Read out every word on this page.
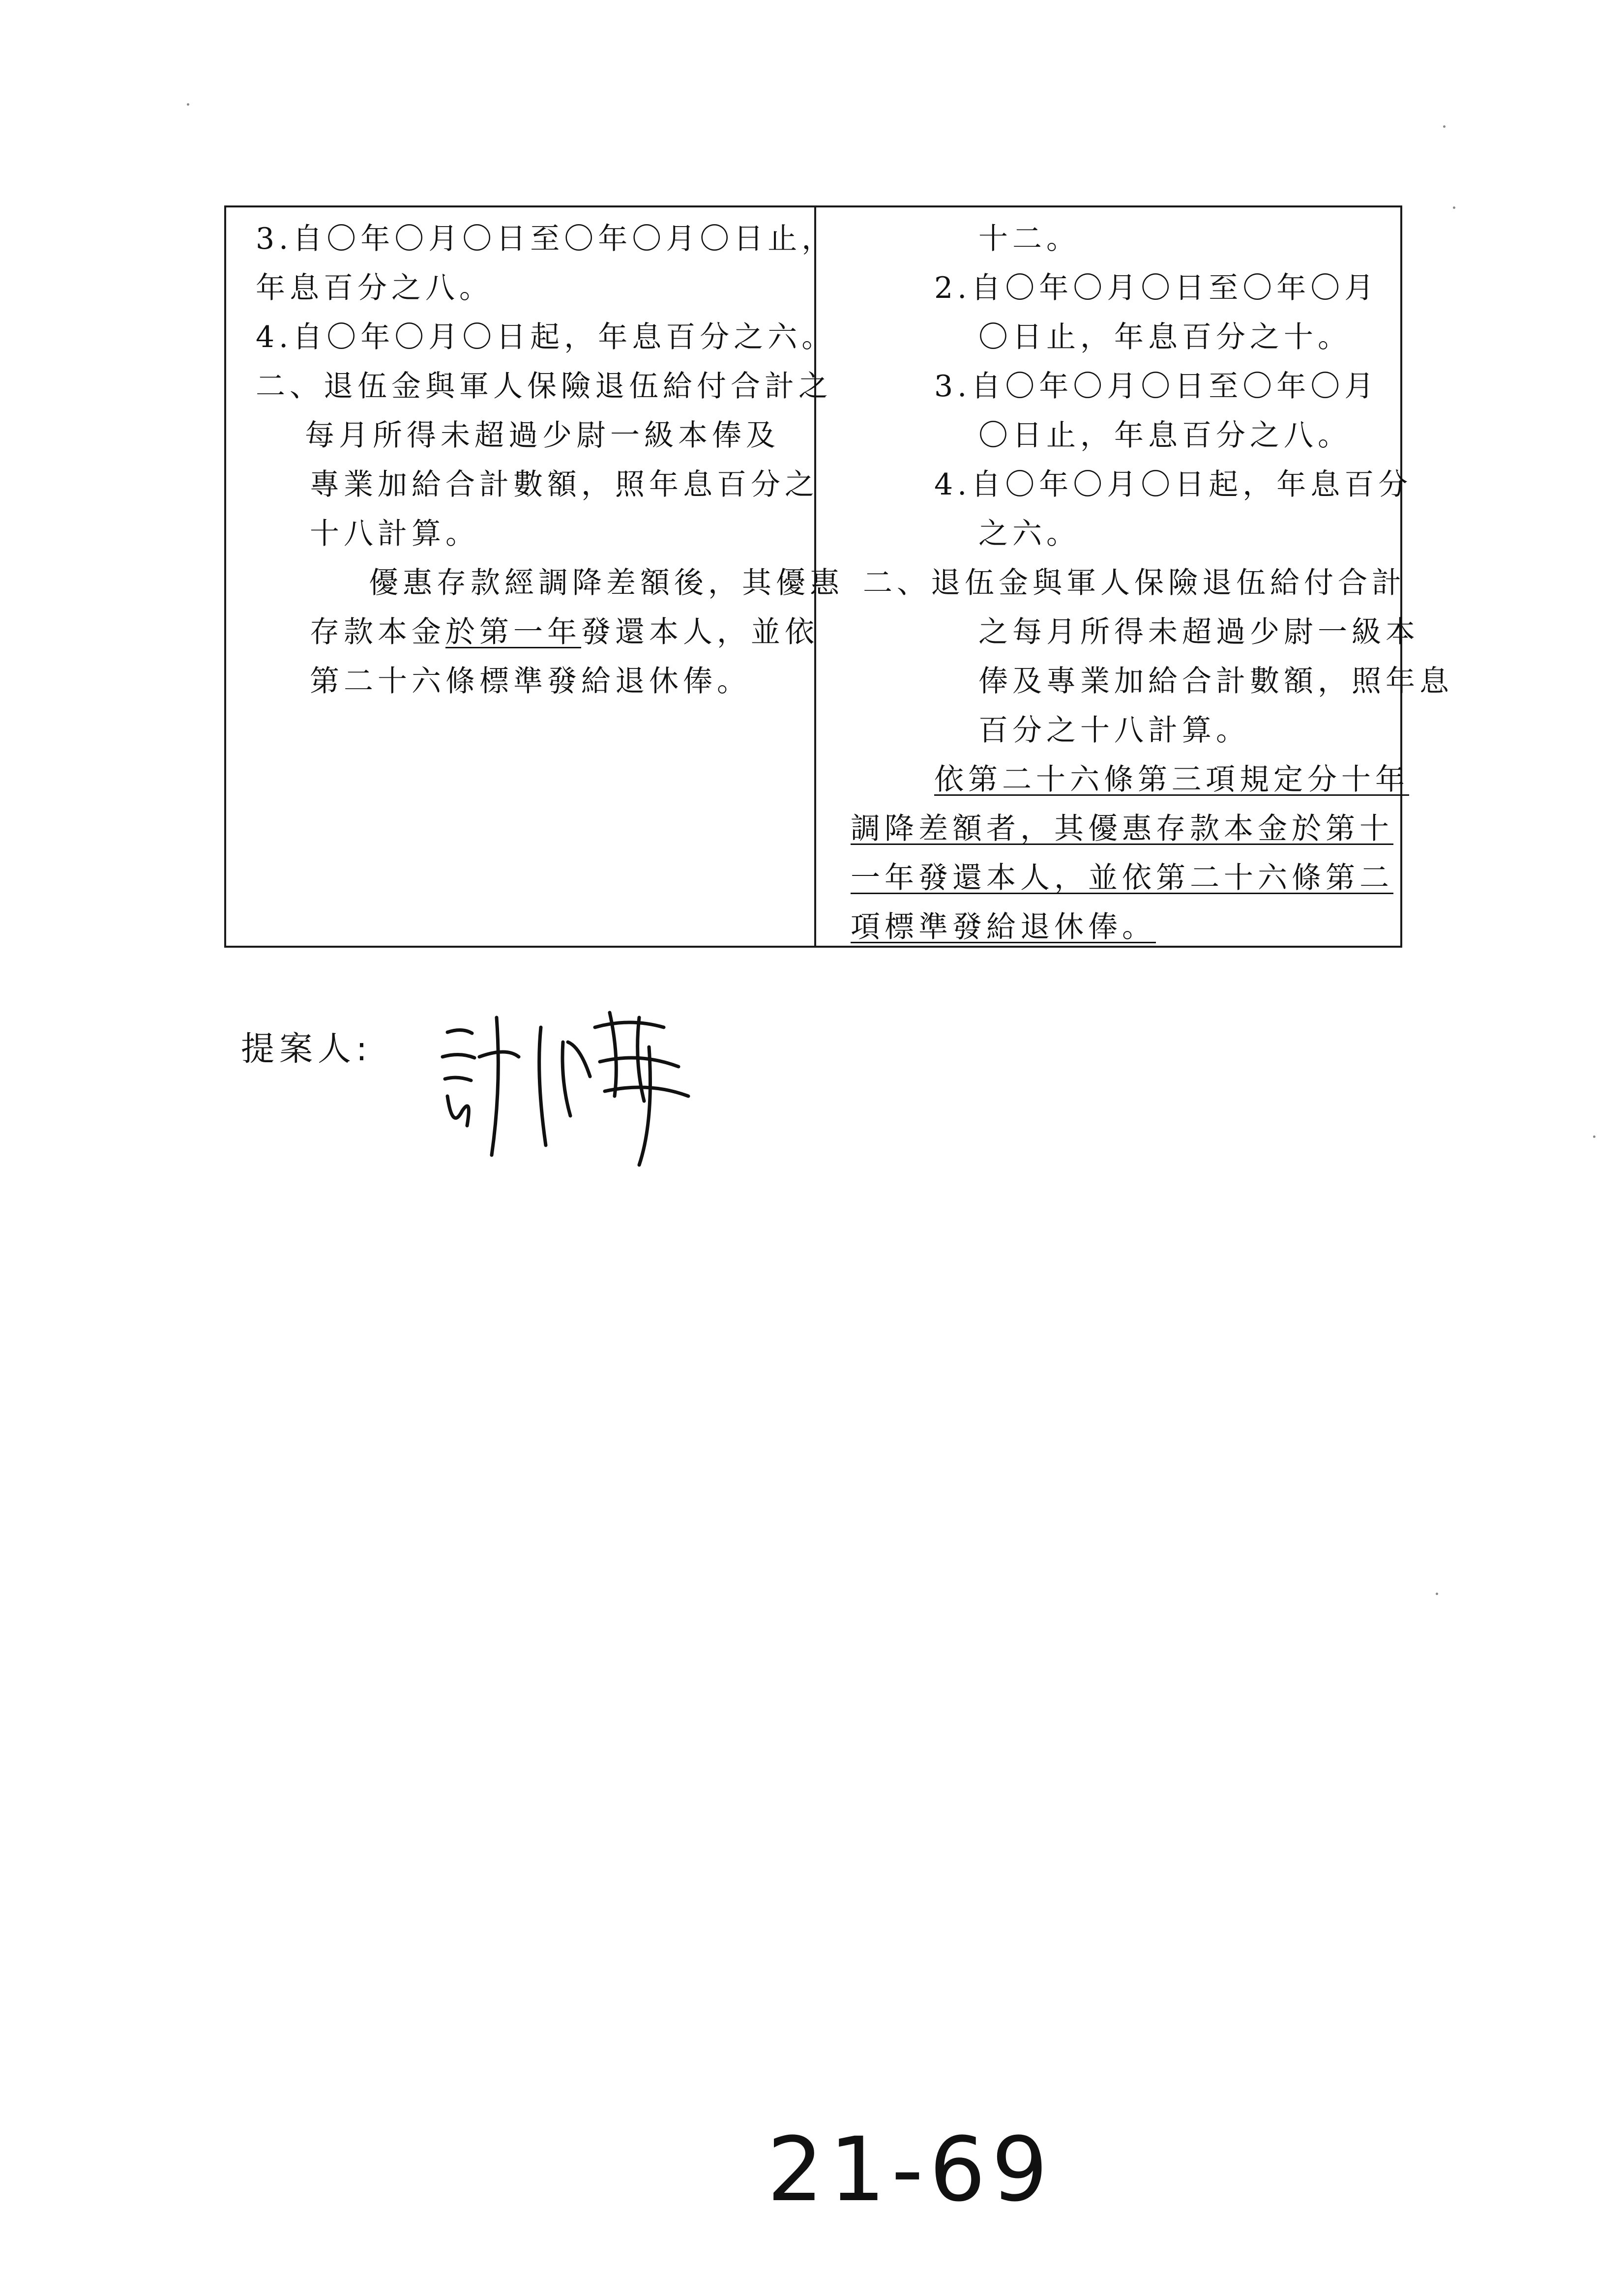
3.自〇年〇月〇日至〇年〇月〇日止，
年息百分之八。
4.自〇年〇月〇日起，年息百分之六。
二、退伍金與軍人保險退伍給付合計之
每月所得未超過少尉一級本俸及
專業加給合計數額，照年息百分之
十八計算。
優惠存款經調降差額後，其優惠
存款本金於第一年發還本人，並依
第二十六條標準發給退休俸。
十二。
2.自〇年〇月〇日至〇年〇月
〇日止，年息百分之十。
3.自〇年〇月〇日至〇年〇月
〇日止，年息百分之八。
4.自〇年〇月〇日起，年息百分
之六。
二、退伍金與軍人保險退伍給付合計
之每月所得未超過少尉一級本
俸及專業加給合計數額，照年息
百分之十八計算。
依第二十六條第三項規定分十年
調降差額者，其優惠存款本金於第十
一年發還本人，並依第二十六條第二
項標準發給退休俸。
提案人:
21-69
